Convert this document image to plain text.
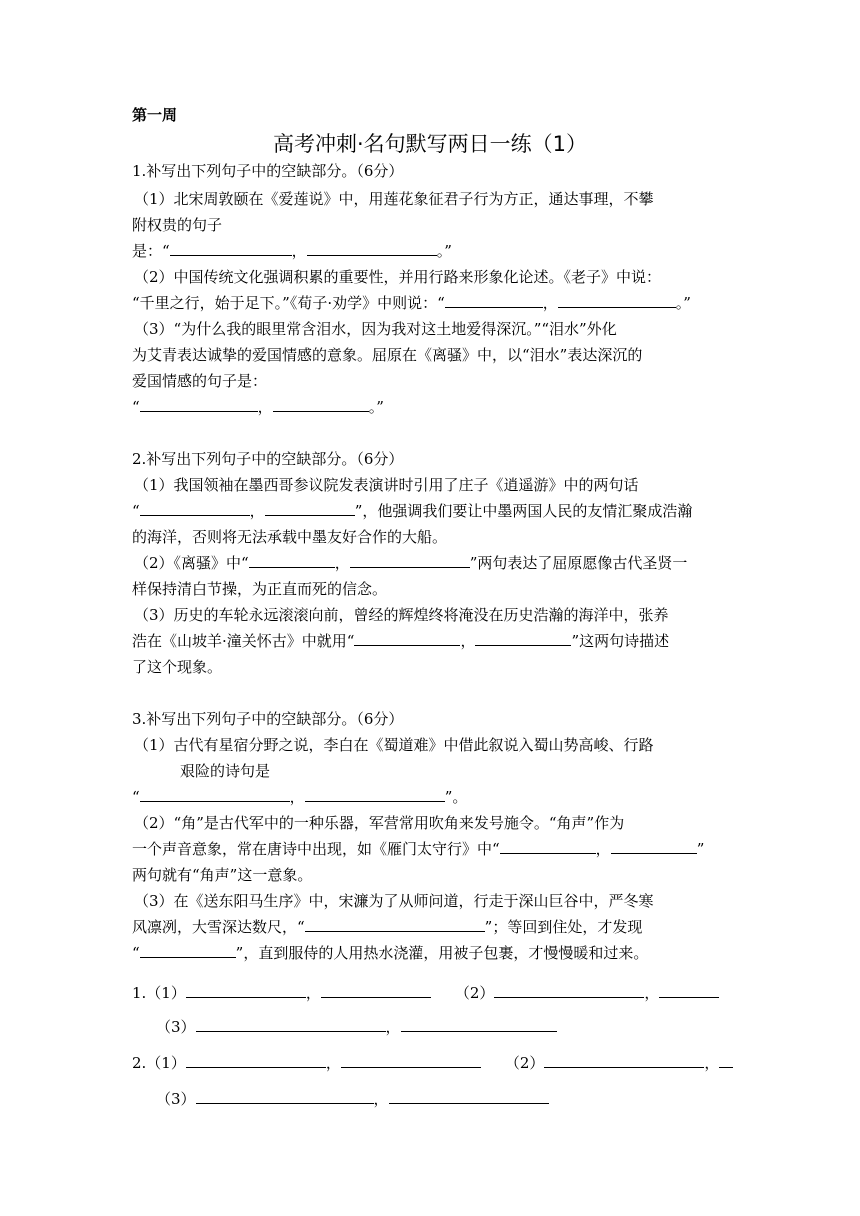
第一周
高考冲刺·名句默写两日一练（1）
1.补写出下列句子中的空缺部分。（6分）
（1）北宋周敦颐在《爱莲说》中，用莲花象征君子行为方正，通达事理，不攀
附权贵的句子
是：“	，	。”
（2）中国传统文化强调积累的重要性，并用行路来形象化论述。《老子》中说：
“千里之行，始于足下。”《荀子·劝学》中则说：“	，	。”
（3）“为什么我的眼里常含泪水，因为我对这土地爱得深沉。”“泪水”外化
为艾青表达诚挚的爱国情感的意象。屈原在《离骚》中，以“泪水”表达深沉的
爱国情感的句子是：
“	，	。”
2.补写出下列句子中的空缺部分。（6分）
（1）我国领袖在墨西哥参议院发表演讲时引用了庄子《逍遥游》中的两句话
“	，	”，他强调我们要让中墨两国人民的友情汇聚成浩瀚
的海洋，否则将无法承载中墨友好合作的大船。
（2）《离骚》中“	，	”两句表达了屈原愿像古代圣贤一
样保持清白节操，为正直而死的信念。
（3）历史的车轮永远滚滚向前，曾经的辉煌终将淹没在历史浩瀚的海洋中，张养
浩在《山坡羊·潼关怀古》中就用“	，	”这两句诗描述
了这个现象。
3.补写出下列句子中的空缺部分。（6分）
（1）古代有星宿分野之说，李白在《蜀道难》中借此叙说入蜀山势高峻、行路
艰险的诗句是
“	，	”。
（2）“角”是古代军中的一种乐器，军营常用吹角来发号施令。“角声”作为
一个声音意象，常在唐诗中出现，如《雁门太守行》中“	，	”
两句就有“角声”这一意象。
（3）在《送东阳马生序》中，宋濂为了从师问道，行走于深山巨谷中，严冬寒
风凛冽，大雪深达数尺，“	”；等回到住处，才发现
“	”，直到服侍的人用热水浇灌，用被子包裹，才慢慢暖和过来。
1.（1）	，	（2）	，
（3）	，
2.（1）	，	（2）	，
（3）	，
